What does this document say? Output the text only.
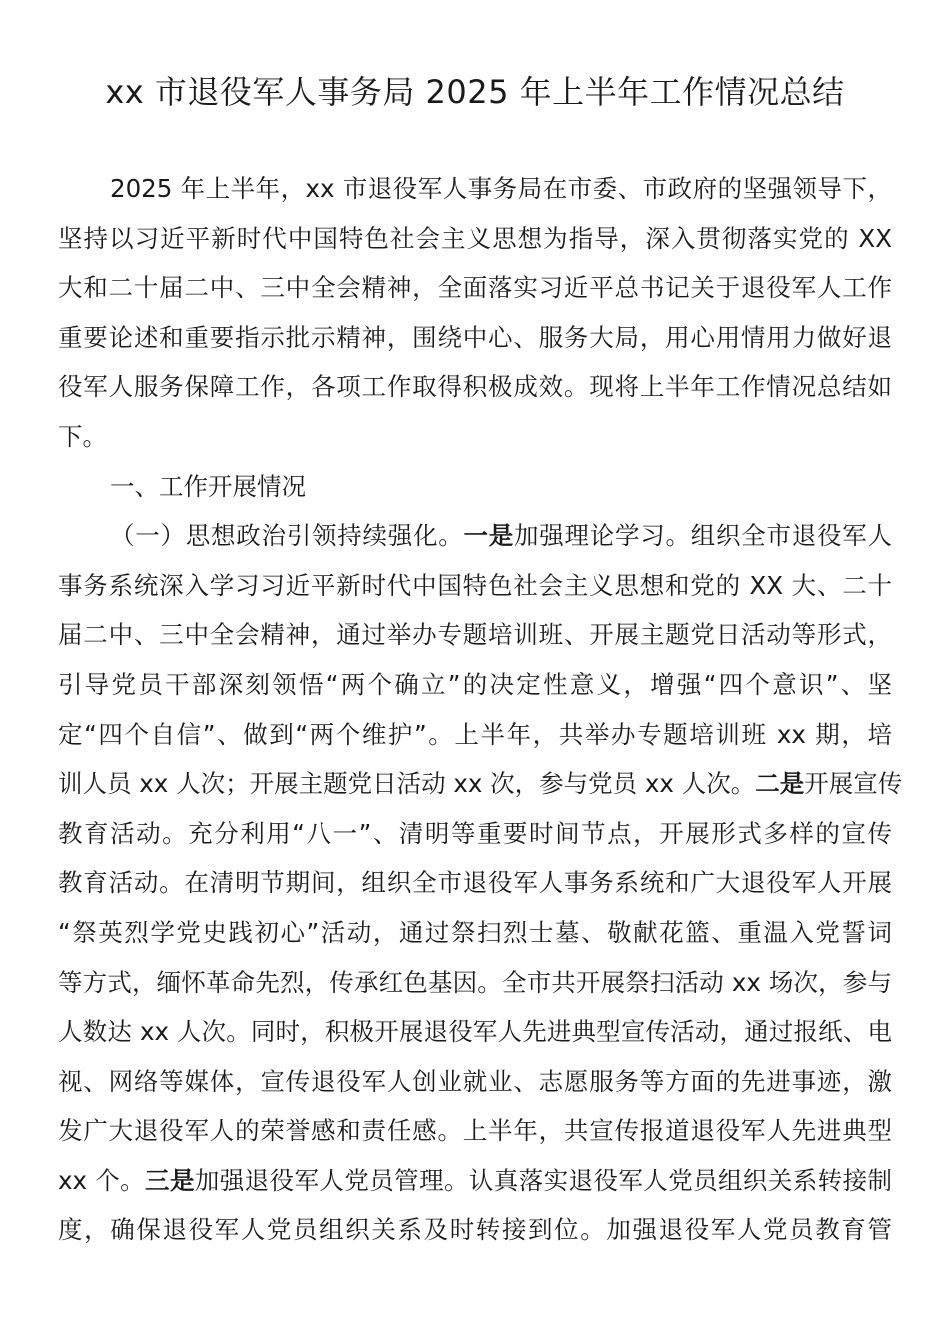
xx 市退役军人事务局 2025 年上半年工作情况总结
2025 年上半年，xx 市退役军人事务局在市委、市政府的坚强领导下，
坚持以习近平新时代中国特色社会主义思想为指导，深入贯彻落实党的 XX
大和二十届二中、三中全会精神，全面落实习近平总书记关于退役军人工作
重要论述和重要指示批示精神，围绕中心、服务大局，用心用情用力做好退
役军人服务保障工作，各项工作取得积极成效。现将上半年工作情况总结如
下。
一、工作开展情况
（一）思想政治引领持续强化。一是加强理论学习。组织全市退役军人
事务系统深入学习习近平新时代中国特色社会主义思想和党的 XX 大、二十
届二中、三中全会精神，通过举办专题培训班、开展主题党日活动等形式，
引导党员干部深刻领悟“两个确立”的决定性意义，增强“四个意识”、坚
定“四个自信”、做到“两个维护”。上半年，共举办专题培训班 xx 期，培
训人员 xx 人次；开展主题党日活动 xx 次，参与党员 xx 人次。二是开展宣传
教育活动。充分利用“八一”、清明等重要时间节点，开展形式多样的宣传
教育活动。在清明节期间，组织全市退役军人事务系统和广大退役军人开展
“祭英烈学党史践初心”活动，通过祭扫烈士墓、敬献花篮、重温入党誓词
等方式，缅怀革命先烈，传承红色基因。全市共开展祭扫活动 xx 场次，参与
人数达 xx 人次。同时，积极开展退役军人先进典型宣传活动，通过报纸、电
视、网络等媒体，宣传退役军人创业就业、志愿服务等方面的先进事迹，激
发广大退役军人的荣誉感和责任感。上半年，共宣传报道退役军人先进典型
xx 个。三是加强退役军人党员管理。认真落实退役军人党员组织关系转接制
度，确保退役军人党员组织关系及时转接到位。加强退役军人党员教育管
